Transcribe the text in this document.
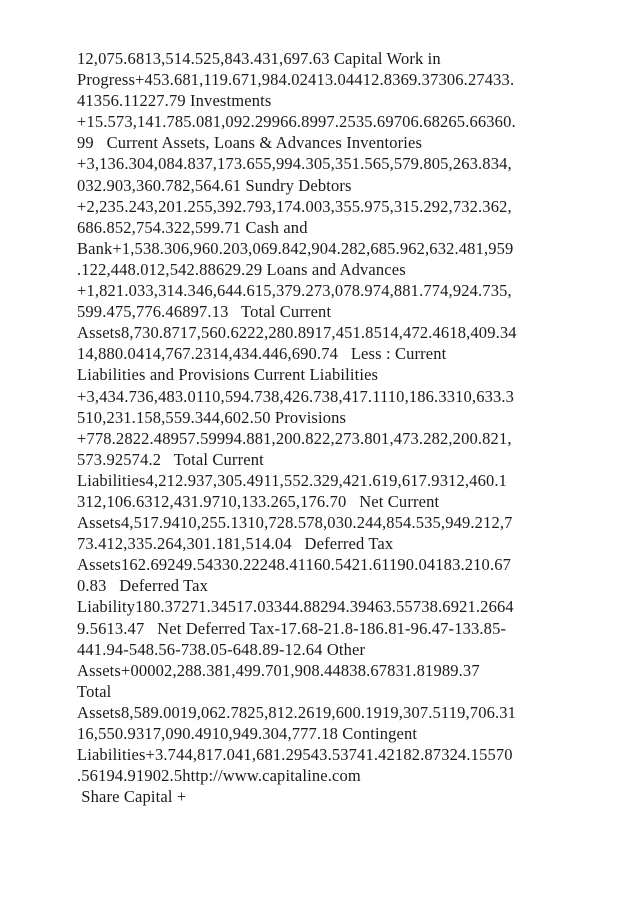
12,075.6813,514.525,843.431,697.63 Capital Work in
Progress+453.681,119.671,984.02413.04412.8369.37306.27433.
41356.11227.79 Investments
+15.573,141.785.081,092.29966.8997.2535.69706.68265.66360.
99   Current Assets, Loans & Advances Inventories
+3,136.304,084.837,173.655,994.305,351.565,579.805,263.834,
032.903,360.782,564.61 Sundry Debtors
+2,235.243,201.255,392.793,174.003,355.975,315.292,732.362,
686.852,754.322,599.71 Cash and
Bank+1,538.306,960.203,069.842,904.282,685.962,632.481,959
.122,448.012,542.88629.29 Loans and Advances
+1,821.033,314.346,644.615,379.273,078.974,881.774,924.735,
599.475,776.46897.13   Total Current
Assets8,730.8717,560.6222,280.8917,451.8514,472.4618,409.34
14,880.0414,767.2314,434.446,690.74   Less : Current
Liabilities and Provisions Current Liabilities
+3,434.736,483.0110,594.738,426.738,417.1110,186.3310,633.3
510,231.158,559.344,602.50 Provisions
+778.2822.48957.59994.881,200.822,273.801,473.282,200.821,
573.92574.2   Total Current
Liabilities4,212.937,305.4911,552.329,421.619,617.9312,460.1
312,106.6312,431.9710,133.265,176.70   Net Current
Assets4,517.9410,255.1310,728.578,030.244,854.535,949.212,7
73.412,335.264,301.181,514.04   Deferred Tax
Assets162.69249.54330.22248.41160.5421.61190.04183.210.67
0.83   Deferred Tax
Liability180.37271.34517.03344.88294.39463.55738.6921.2664
9.5613.47   Net Deferred Tax-17.68-21.8-186.81-96.47-133.85-
441.94-548.56-738.05-648.89-12.64 Other
Assets+00002,288.381,499.701,908.44838.67831.81989.37
Total
Assets8,589.0019,062.7825,812.2619,600.1919,307.5119,706.31
16,550.9317,090.4910,949.304,777.18 Contingent
Liabilities+3.744,817.041,681.29543.53741.42182.87324.15570
.56194.91902.5http://www.capitaline.com
Share Capital +
